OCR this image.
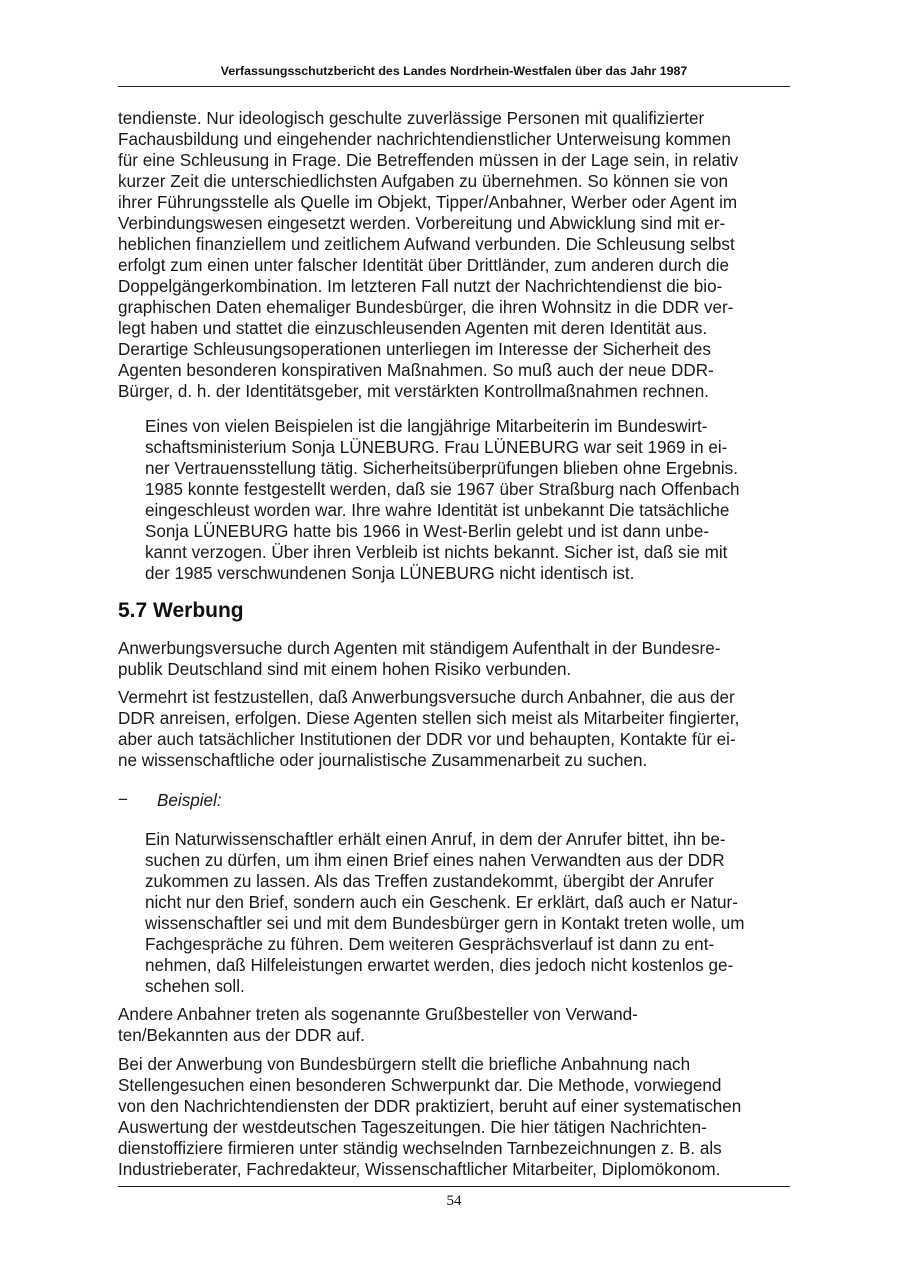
Verfassungsschutzbericht des Landes Nordrhein-Westfalen über das Jahr 1987
tendienste. Nur ideologisch geschulte zuverlässige Personen mit qualifizierter
Fachausbildung und eingehender nachrichtendienstlicher Unterweisung kommen
für eine Schleusung in Frage. Die Betreffenden müssen in der Lage sein, in relativ
kurzer Zeit die unterschiedlichsten Aufgaben zu übernehmen. So können sie von
ihrer Führungsstelle als Quelle im Objekt, Tipper/Anbahner, Werber oder Agent im
Verbindungswesen eingesetzt werden. Vorbereitung und Abwicklung sind mit er-
heblichen finanziellem und zeitlichem Aufwand verbunden. Die Schleusung selbst
erfolgt zum einen unter falscher Identität über Drittländer, zum anderen durch die
Doppelgängerkombination. Im letzteren Fall nutzt der Nachrichtendienst die bio-
graphischen Daten ehemaliger Bundesbürger, die ihren Wohnsitz in die DDR ver-
legt haben und stattet die einzuschleusenden Agenten mit deren Identität aus.
Derartige Schleusungsoperationen unterliegen im Interesse der Sicherheit des
Agenten besonderen konspirativen Maßnahmen. So muß auch der neue DDR-
Bürger, d. h. der Identitätsgeber, mit verstärkten Kontrollmaßnahmen rechnen.
Eines von vielen Beispielen ist die langjährige Mitarbeiterin im Bundeswirt-
schaftsministerium Sonja LÜNEBURG. Frau LÜNEBURG war seit 1969 in ei-
ner Vertrauensstellung tätig. Sicherheitsüberprüfungen blieben ohne Ergebnis.
1985 konnte festgestellt werden, daß sie 1967 über Straßburg nach Offenbach
eingeschleust worden war. Ihre wahre Identität ist unbekannt Die tatsächliche
Sonja LÜNEBURG hatte bis 1966 in West-Berlin gelebt und ist dann unbe-
kannt verzogen. Über ihren Verbleib ist nichts bekannt. Sicher ist, daß sie mit
der 1985 verschwundenen Sonja LÜNEBURG nicht identisch ist.
5.7 Werbung
Anwerbungsversuche durch Agenten mit ständigem Aufenthalt in der Bundesre-
publik Deutschland sind mit einem hohen Risiko verbunden.
Vermehrt ist festzustellen, daß Anwerbungsversuche durch Anbahner, die aus der
DDR anreisen, erfolgen. Diese Agenten stellen sich meist als Mitarbeiter fingierter,
aber auch tatsächlicher Institutionen der DDR vor und behaupten, Kontakte für ei-
ne wissenschaftliche oder journalistische Zusammenarbeit zu suchen.
− Beispiel:
Ein Naturwissenschaftler erhält einen Anruf, in dem der Anrufer bittet, ihn be-
suchen zu dürfen, um ihm einen Brief eines nahen Verwandten aus der DDR
zukommen zu lassen. Als das Treffen zustandekommt, übergibt der Anrufer
nicht nur den Brief, sondern auch ein Geschenk. Er erklärt, daß auch er Natur-
wissenschaftler sei und mit dem Bundesbürger gern in Kontakt treten wolle, um
Fachgespräche zu führen. Dem weiteren Gesprächsverlauf ist dann zu ent-
nehmen, daß Hilfeleistungen erwartet werden, dies jedoch nicht kostenlos ge-
schehen soll.
Andere Anbahner treten als sogenannte Grußbesteller von Verwand-
ten/Bekannten aus der DDR auf.
Bei der Anwerbung von Bundesbürgern stellt die briefliche Anbahnung nach
Stellengesuchen einen besonderen Schwerpunkt dar. Die Methode, vorwiegend
von den Nachrichtendiensten der DDR praktiziert, beruht auf einer systematischen
Auswertung der westdeutschen Tageszeitungen. Die hier tätigen Nachrichten-
dienstoffiziere firmieren unter ständig wechselnden Tarnbezeichnungen z. B. als
Industrieberater, Fachredakteur, Wissenschaftlicher Mitarbeiter, Diplomökonom.
54
